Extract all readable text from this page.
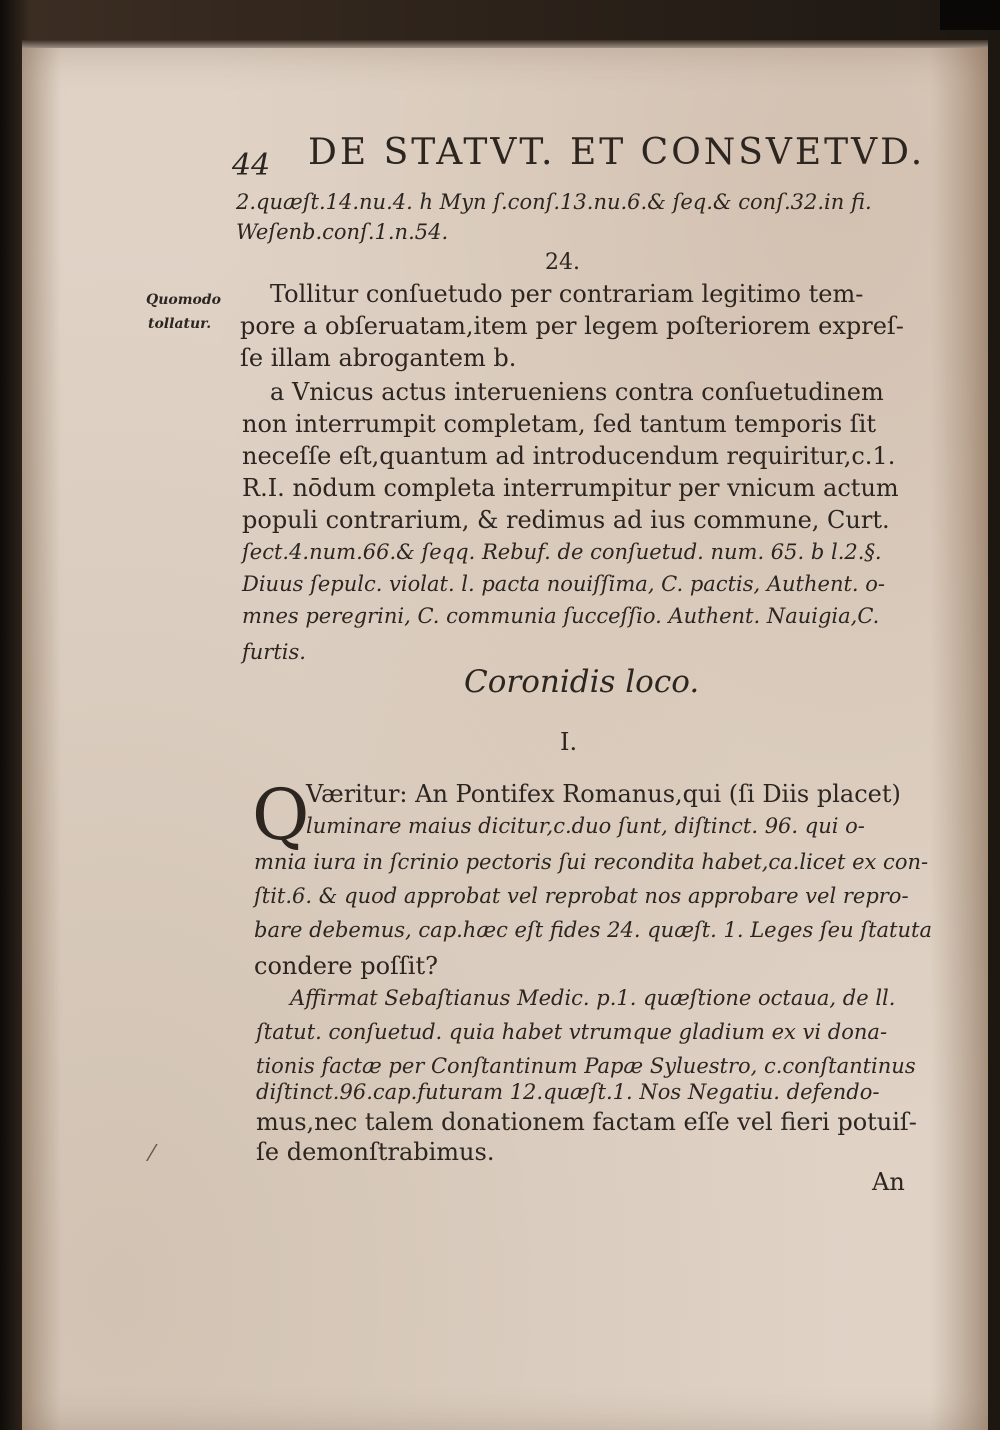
44 DE STATVT. ET CONSVETVD.
2.quæſt.14.nu.4. h Myn ſ.conſ.13.nu.6.& ſeq.& conſ.32.in fi.
Weſenb.conſ.1.n.54.
24.
Quomodo
tollatur.
Tollitur conſuetudo per contrariam legitimo tem-
pore a obſeruatam,item per legem poſteriorem expreſ-
ſe illam abrogantem b.
a Vnicus actus interueniens contra conſuetudinem
non interrumpit completam, ſed tantum temporis ſit
neceſſe eſt,quantum ad introducendum requiritur,c.1.
R.I. nōdum completa interrumpitur per vnicum actum
populi contrarium, & redimus ad ius commune, Curt.
ſect.4.num.66.& ſeqq. Rebuf. de conſuetud. num. 65. b l.2.§.
Diuus ſepulc. violat. l. pacta nouiſſima, C. pactis, Authent. o-
mnes peregrini, C. communia ſucceſſio. Authent. Nauigia,C.
furtis.
Coronidis loco.
I.
Q
Væritur: An Pontifex Romanus,qui (ſi Diis placet)
luminare maius dicitur,c.duo ſunt, diſtinct. 96. qui o-
mnia iura in ſcrinio pectoris ſui recondita habet,ca.licet ex con-
ſtit.6. & quod approbat vel reprobat nos approbare vel repro-
bare debemus, cap.hæc eſt fides 24. quæſt. 1. Leges ſeu ſtatuta
condere poſſit?
Affirmat Sebaſtianus Medic. p.1. quæſtione octaua, de ll.
ſtatut. conſuetud. quia habet vtrumque gladium ex vi dona-
tionis factæ per Conſtantinum Papæ Syluestro, c.conſtantinus
diſtinct.96.cap.futuram 12.quæſt.1. Nos Negatiu. defendo-
mus,nec talem donationem factam eſſe vel fieri potuiſ-
ſe demonſtrabimus.
An
⁄
